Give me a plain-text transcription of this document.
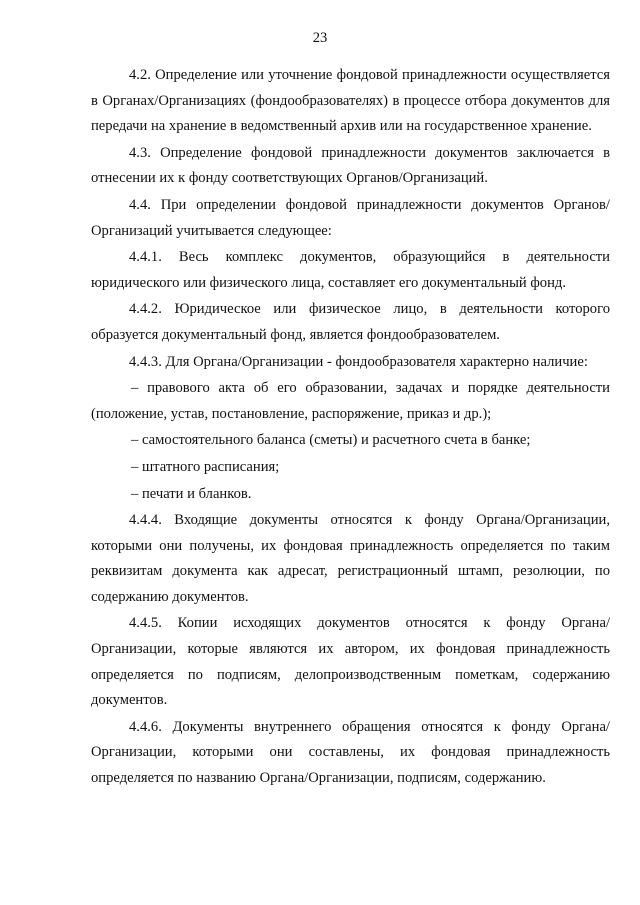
23

4.2. Определение или уточнение фондовой принадлежности осуществляется в Органах/Организациях (фондообразователях) в процессе отбора документов для передачи на хранение в ведомственный архив или на государственное хранение.

4.3. Определение фондовой принадлежности документов заключается в отнесении их к фонду соответствующих Органов/Организаций.

4.4. При определении фондовой принадлежности документов Органов/Организаций учитывается следующее:

4.4.1. Весь комплекс документов, образующийся в деятельности юридического или физического лица, составляет его документальный фонд.

4.4.2. Юридическое или физическое лицо, в деятельности которого образуется документальный фонд, является фондообразователем.

4.4.3. Для Органа/Организации - фондообразователя характерно наличие:

– правового акта об его образовании, задачах и порядке деятельности (положение, устав, постановление, распоряжение, приказ и др.);

– самостоятельного баланса (сметы) и расчетного счета в банке;

– штатного расписания;

– печати и бланков.

4.4.4. Входящие документы относятся к фонду Органа/Организации, которыми они получены, их фондовая принадлежность определяется по таким реквизитам документа как адресат, регистрационный штамп, резолюции, по содержанию документов.

4.4.5. Копии исходящих документов относятся к фонду Органа/Организации, которые являются их автором, их фондовая принадлежность определяется по подписям, делопроизводственным пометкам, содержанию документов.

4.4.6. Документы внутреннего обращения относятся к фонду Органа/Организации, которыми они составлены, их фондовая принадлежность определяется по названию Органа/Организации, подписям, содержанию.
